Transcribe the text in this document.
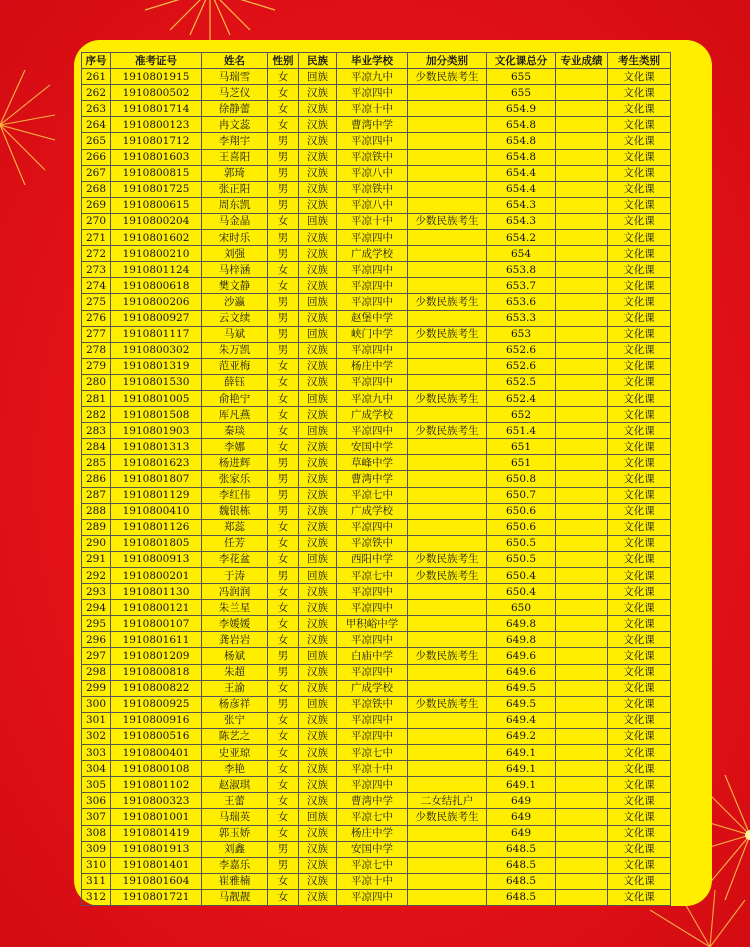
序号	准考证号	姓名	性别	民族	毕业学校	加分类别	文化课总分	专业成绩	考生类别
261	1910801915	马瑞雪	女	回族	平凉九中	少数民族考生	655		文化课
262	1910800502	马芝仪	女	汉族	平凉四中		655		文化课
263	1910801714	徐静蕾	女	汉族	平凉十中		654.9		文化课
264	1910800123	冉文蕊	女	汉族	曹湾中学		654.8		文化课
265	1910801712	李翔宇	男	汉族	平凉四中		654.8		文化课
266	1910801603	王喜阳	男	汉族	平凉铁中		654.8		文化课
267	1910800815	郭琦	男	汉族	平凉八中		654.4		文化课
268	1910801725	张正阳	男	汉族	平凉铁中		654.4		文化课
269	1910800615	周东凯	男	汉族	平凉八中		654.3		文化课
270	1910800204	马金晶	女	回族	平凉十中	少数民族考生	654.3		文化课
271	1910801602	宋时乐	男	汉族	平凉四中		654.2		文化课
272	1910800210	刘强	男	汉族	广成学校		654		文化课
273	1910801124	马梓涵	女	汉族	平凉四中		653.8		文化课
274	1910800618	樊文静	女	汉族	平凉四中		653.7		文化课
275	1910800206	沙瀛	男	回族	平凉四中	少数民族考生	653.6		文化课
276	1910800927	云文续	男	汉族	赵堡中学		653.3		文化课
277	1910801117	马斌	男	回族	峡门中学	少数民族考生	653		文化课
278	1910800302	朱万凯	男	汉族	平凉四中		652.6		文化课
279	1910801319	范亚梅	女	汉族	杨庄中学		652.6		文化课
280	1910801530	薛钰	女	汉族	平凉四中		652.5		文化课
281	1910801005	俞艳宁	女	回族	平凉九中	少数民族考生	652.4		文化课
282	1910801508	厍凡燕	女	汉族	广成学校		652		文化课
283	1910801903	秦琰	女	回族	平凉四中	少数民族考生	651.4		文化课
284	1910801313	李娜	女	汉族	安国中学		651		文化课
285	1910801623	杨进辉	男	汉族	草峰中学		651		文化课
286	1910801807	张家乐	男	汉族	曹湾中学		650.8		文化课
287	1910801129	李红伟	男	汉族	平凉七中		650.7		文化课
288	1910800410	魏银栋	男	汉族	广成学校		650.6		文化课
289	1910801126	郑蕊	女	汉族	平凉四中		650.6		文化课
290	1910801805	任芳	女	汉族	平凉铁中		650.5		文化课
291	1910800913	李花盆	女	回族	西阳中学	少数民族考生	650.5		文化课
292	1910800201	于涛	男	回族	平凉七中	少数民族考生	650.4		文化课
293	1910801130	冯润润	女	汉族	平凉四中		650.4		文化课
294	1910800121	朱兰星	女	汉族	平凉四中		650		文化课
295	1910800107	李媛媛	女	汉族	甲积峪中学		649.8		文化课
296	1910801611	龚岩岩	女	汉族	平凉四中		649.8		文化课
297	1910801209	杨斌	男	回族	白庙中学	少数民族考生	649.6		文化课
298	1910800818	朱超	男	汉族	平凉四中		649.6		文化课
299	1910800822	王渝	女	汉族	广成学校		649.5		文化课
300	1910800925	杨彦祥	男	回族	平凉铁中	少数民族考生	649.5		文化课
301	1910800916	张宁	女	汉族	平凉四中		649.4		文化课
302	1910800516	陈艺之	女	汉族	平凉四中		649.2		文化课
303	1910800401	史亚琼	女	汉族	平凉七中		649.1		文化课
304	1910800108	李艳	女	汉族	平凉十中		649.1		文化课
305	1910801102	赵淑琪	女	汉族	平凉四中		649.1		文化课
306	1910800323	王蕾	女	汉族	曹湾中学	二女结扎户	649		文化课
307	1910801001	马瑞英	女	回族	平凉七中	少数民族考生	649		文化课
308	1910801419	郭玉娇	女	汉族	杨庄中学		649		文化课
309	1910801913	刘鑫	男	汉族	安国中学		648.5		文化课
310	1910801401	李嘉乐	男	汉族	平凉七中		648.5		文化课
311	1910801604	崔雅楠	女	汉族	平凉十中		648.5		文化课
312	1910801721	马靓靓	女	汉族	平凉四中		648.5		文化课
